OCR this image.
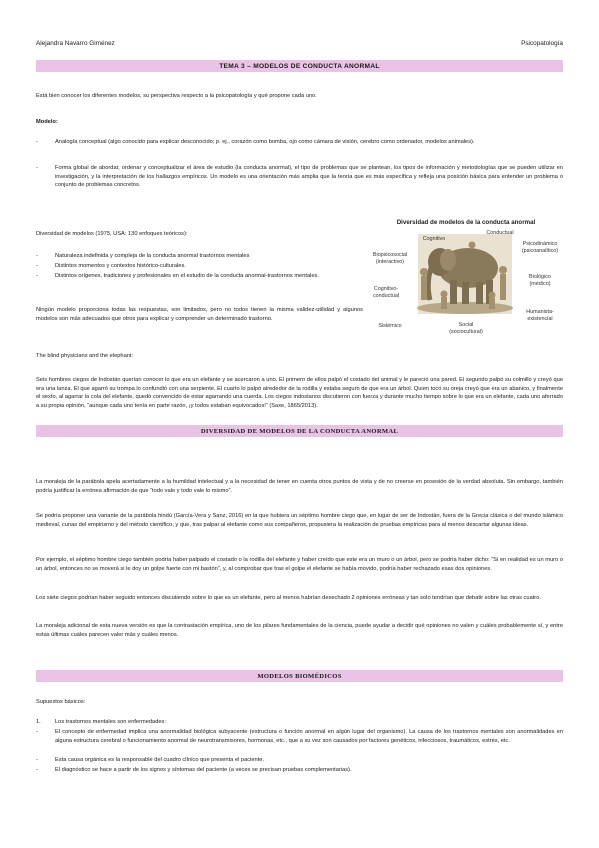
Alejandra Navarro Giménez	Psicopatología
TEMA 3 – MODELOS DE CONDUCTA ANORMAL
Está bien conocer los diferentes modelos, su perspectiva respecto a la psicopatología y qué propone cada uno.
Modelo:
-	Analogía conceptual (algo conocido para explicar desconocido; p. ej., corazón como bomba, ojo como cámara de visión, cerebro como ordenador, modelos animales).
-	Forma global de abordar, ordenar y conceptualizar el área de estudio (la conducta anormal), el tipo de problemas que se plantean, los tipos de información y metodologías que se pueden utilizar en investigación, y la interpretación de los hallazgos empíricos. Un modelo es una orientación más amplia que la teoría que es más específica y refleja una posición básica para entender un problema o conjunto de problemas concretos.
Diversidad de modelos (1975, USA: 130 enfoques teóricos):
-	Naturaleza indefinida y compleja de la conducta anormal trastornos mentales
-	Distintos momentos y contextos histórico-culturales.
-	Distintos orígenes, tradiciones y profesionales en el estudio de la conducta anormal-trastornos mentales.
Ningún modelo proporciona todas las respuestas, son limitados, pero no todos tienen la misma validez-utilidad y algunos modelos son más adecuados que otros para explicar y comprender un determinado trastorno.
Diversidad de modelos de la conducta anormal
Cognitivo
Conductual
Psicodinámico
(psicoanalítico)
Biopsicosocial
(interactivo)
Biológico
(médico)
Cognitivo-
conductual
Humanista-
existencial
Sistémico	Social
(sociocultural)
The blind physicians and the elephant:
Seis hombres ciegos de Indostán querían conocer lo que era un elefante y se acercaron a uno. El primero de ellos palpó el costado del animal y le pareció una pared. El segundo palpó su colmillo y creyó que era una lanza. El que agarró su trompa lo confundió con una serpiente. El cuarto lo palpó alrededor de la rodilla y estaba seguro de que era un árbol. Quien tocó su oreja creyó que era un abanico, y finalmente el sexto, al agarrar la cola del elefante, quedó convencido de estar agarrando una cuerda. Los ciegos indostanos discutieron con fuerza y durante mucho tiempo sobre lo que era un elefante, cada uno aferrado a su propia opinión, “aunque cada uno tenía en parte razón, ¡y todos estaban equivocados!” (Saxe, 1865/2013).
DIVERSIDAD DE MODELOS DE LA CONDUCTA ANORMAL
La moraleja de la parábola apela acertadamente a la humildad intelectual y a la necesidad de tener en cuenta otros puntos de vista y de no creerse en posesión de la verdad absoluta. Sin embargo, también podría justificar la errónea afirmación de que “todo vale y todo vale lo mismo”.
Se podría proponer una variante de la parábola hindú (García-Vera y Sanz, 2016) en la que hubiera un séptimo hombre ciego que, en lugar de ser de Indostán, fuera de la Grecia clásica o del mundo islámico medieval, cunas del empirismo y del método científico, y que, tras palpar al elefante como sus compañeros, propusiera la realización de pruebas empíricas para al menos descartar algunas ideas.
Por ejemplo, el séptimo hombre ciego también podría haber palpado el costado o la rodilla del elefante y haber creído que este era un muro o un árbol, pero se podría haber dicho: “Si en realidad es un muro o un árbol, entonces no se moverá si le doy un golpe fuerte con mi bastón”, y, al comprobar que tras el golpe el elefante se había movido, podría haber rechazado esas dos opiniones.
Los siete ciegos podrían haber seguido entonces discutiendo sobre lo que es un elefante, pero al menos habrían desechado 2 opiniones erróneas y tan solo tendrían que debatir sobre las otras cuatro.
La moraleja adicional de esta nueva versión es que la contrastación empírica, uno de los pilares fundamentales de la ciencia, puede ayudar a decidir qué opiniones no valen y cuáles probablemente sí, y entre estas últimas cuáles parecen valer más y cuáles menos.
MODELOS BIOMÉDICOS
Supuestos básicos:
1.	Los trastornos mentales son enfermedades:
-	El concepto de enfermedad implica una anormalidad biológica subyacente (estructura o función anormal en algún lugar del organismo). La causa de los trastornos mentales son anormalidades en alguna estructura cerebral o funcionamiento anormal de neurotransmisores, hormonas, etc., que a su vez son causados por factores genéticos, infecciosos, traumáticos, estrés, etc.
-	Esta causa orgánica es la responsable del cuadro clínico que presenta el paciente.
-	El diagnóstico se hace a partir de los signos y síntomas del paciente (a veces se precisan pruebas complementarias).
